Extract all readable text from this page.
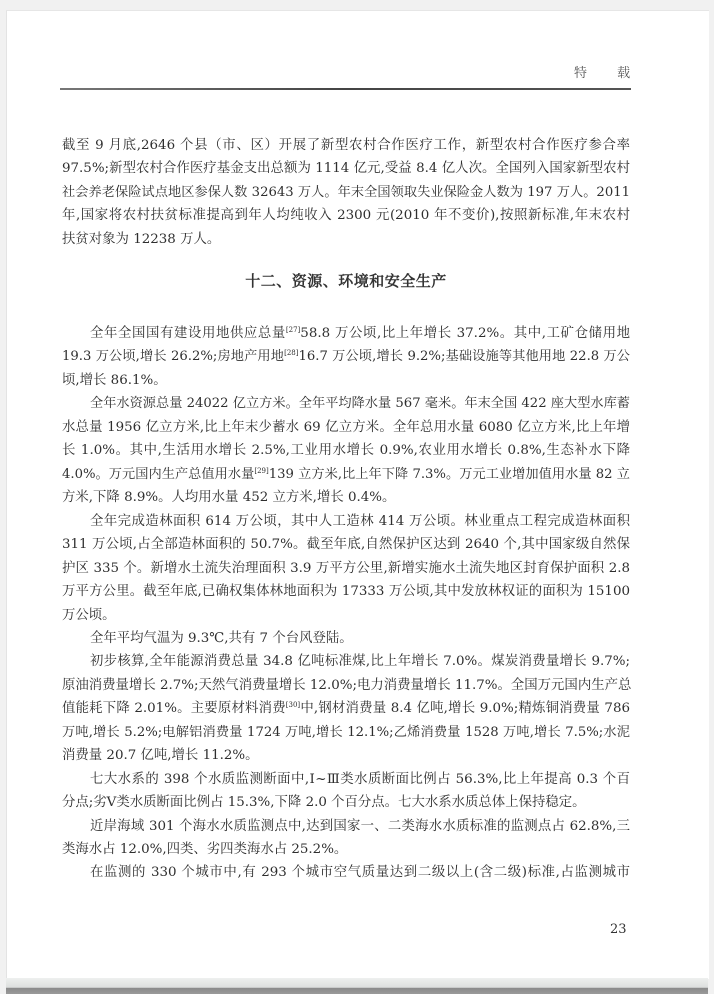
特 载
截至 9 月底,2646 个县（市、区）开展了新型农村合作医疗工作，新型农村合作医疗参合率
97.5%;新型农村合作医疗基金支出总额为 1114 亿元,受益 8.4 亿人次。全国列入国家新型农村
社会养老保险试点地区参保人数 32643 万人。年末全国领取失业保险金人数为 197 万人。2011
年,国家将农村扶贫标准提高到年人均纯收入 2300 元(2010 年不变价),按照新标准,年末农村
扶贫对象为 12238 万人。
十二、资源、环境和安全生产
全年全国国有建设用地供应总量[27]58.8 万公顷,比上年增长 37.2%。其中,工矿仓储用地
19.3 万公顷,增长 26.2%;房地产用地[28]16.7 万公顷,增长 9.2%;基础设施等其他用地 22.8 万公
顷,增长 86.1%。
全年水资源总量 24022 亿立方米。全年平均降水量 567 毫米。年末全国 422 座大型水库蓄
水总量 1956 亿立方米,比上年末少蓄水 69 亿立方米。全年总用水量 6080 亿立方米,比上年增
长 1.0%。其中,生活用水增长 2.5%,工业用水增长 0.9%,农业用水增长 0.8%,生态补水下降
4.0%。万元国内生产总值用水量[29]139 立方米,比上年下降 7.3%。万元工业增加值用水量 82 立
方米,下降 8.9%。人均用水量 452 立方米,增长 0.4%。
全年完成造林面积 614 万公顷，其中人工造林 414 万公顷。林业重点工程完成造林面积
311 万公顷,占全部造林面积的 50.7%。截至年底,自然保护区达到 2640 个,其中国家级自然保
护区 335 个。新增水土流失治理面积 3.9 万平方公里,新增实施水土流失地区封育保护面积 2.8
万平方公里。截至年底,已确权集体林地面积为 17333 万公顷,其中发放林权证的面积为 15100
万公顷。
全年平均气温为 9.3℃,共有 7 个台风登陆。
初步核算,全年能源消费总量 34.8 亿吨标准煤,比上年增长 7.0%。煤炭消费量增长 9.7%;
原油消费量增长 2.7%;天然气消费量增长 12.0%;电力消费量增长 11.7%。全国万元国内生产总
值能耗下降 2.01%。主要原材料消费[30]中,钢材消费量 8.4 亿吨,增长 9.0%;精炼铜消费量 786
万吨,增长 5.2%;电解铝消费量 1724 万吨,增长 12.1%;乙烯消费量 1528 万吨,增长 7.5%;水泥
消费量 20.7 亿吨,增长 11.2%。
七大水系的 398 个水质监测断面中,Ⅰ~Ⅲ类水质断面比例占 56.3%,比上年提高 0.3 个百
分点;劣Ⅴ类水质断面比例占 15.3%,下降 2.0 个百分点。七大水系水质总体上保持稳定。
近岸海域 301 个海水水质监测点中,达到国家一、二类海水水质标准的监测点占 62.8%,三
类海水占 12.0%,四类、劣四类海水占 25.2%。
在监测的 330 个城市中,有 293 个城市空气质量达到二级以上(含二级)标准,占监测城市
23
